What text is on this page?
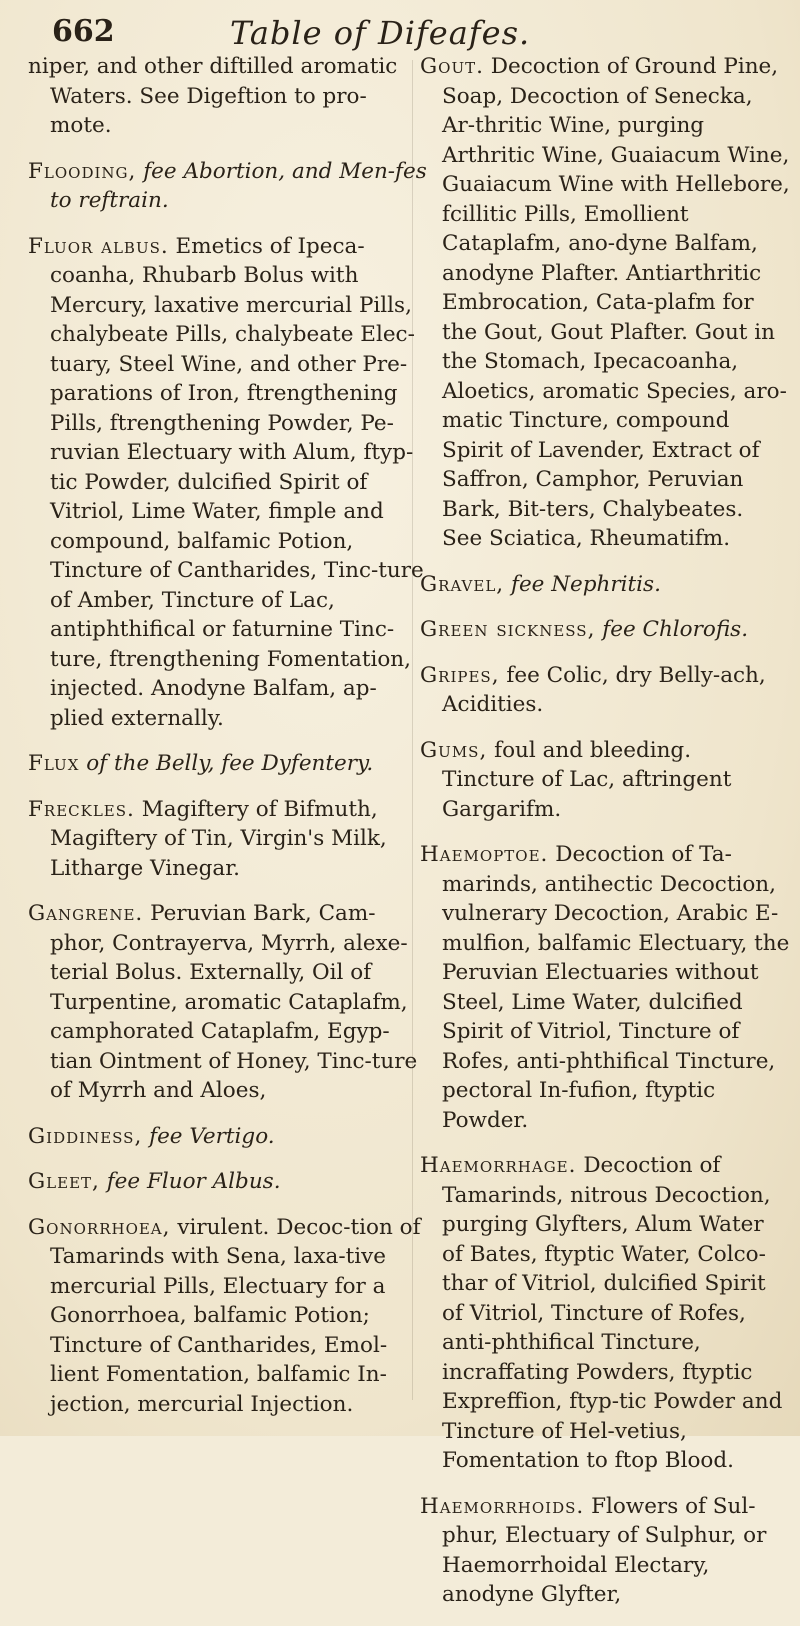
662	Table of Difeafes.

niper, and other diftilled aromatic Waters. See Digeftion to pro-mote.

Flooding, fee Abortion, and Men-fes to reftrain.

Fluor albus. Emetics of Ipeca-coanha, Rhubarb Bolus with Mercury, laxative mercurial Pills, chalybeate Pills, chalybeate Elec-tuary, Steel Wine, and other Pre-parations of Iron, ftrengthening Pills, ftrengthening Powder, Pe-ruvian Electuary with Alum, ftyp-tic Powder, dulcified Spirit of Vitriol, Lime Water, fimple and compound, balfamic Potion, Tincture of Cantharides, Tinc-ture of Amber, Tincture of Lac, antiphthifical or faturnine Tinc-ture, ftrengthening Fomentation, injected. Anodyne Balfam, ap-plied externally.

Flux of the Belly, fee Dyfentery.

Freckles. Magiftery of Bifmuth, Magiftery of Tin, Virgin's Milk, Litharge Vinegar.

Gangrene. Peruvian Bark, Cam-phor, Contrayerva, Myrrh, alexe-terial Bolus. Externally, Oil of Turpentine, aromatic Cataplafm, camphorated Cataplafm, Egyp-tian Ointment of Honey, Tinc-ture of Myrrh and Aloes,

Giddiness, fee Vertigo.

Gleet, fee Fluor Albus.

Gonorrhoea, virulent. Decoc-tion of Tamarinds with Sena, laxa-tive mercurial Pills, Electuary for a Gonorrhoea, balfamic Potion; Tincture of Cantharides, Emol-lient Fomentation, balfamic In-jection, mercurial Injection.

Gout. Decoction of Ground Pine, Soap, Decoction of Senecka, Ar-thritic Wine, purging Arthritic Wine, Guaiacum Wine, Guaiacum Wine with Hellebore, fcillitic Pills, Emollient Cataplafm, ano-dyne Balfam, anodyne Plafter. Antiarthritic Embrocation, Cata-plafm for the Gout, Gout Plafter. Gout in the Stomach, Ipecacoanha, Aloetics, aromatic Species, aro-matic Tincture, compound Spirit of Lavender, Extract of Saffron, Camphor, Peruvian Bark, Bit-ters, Chalybeates. See Sciatica, Rheumatifm.

Gravel, fee Nephritis.

Green sickness, fee Chlorofis.

Gripes, fee Colic, dry Belly-ach, Acidities.

Gums, foul and bleeding. Tincture of Lac, aftringent Gargarifm.

Haemoptoe. Decoction of Ta-marinds, antihectic Decoction, vulnerary Decoction, Arabic E-mulfion, balfamic Electuary, the Peruvian Electuaries without Steel, Lime Water, dulcified Spirit of Vitriol, Tincture of Rofes, anti-phthifical Tincture, pectoral In-fufion, ftyptic Powder.

Haemorrhage. Decoction of Tamarinds, nitrous Decoction, purging Glyfters, Alum Water of Bates, ftyptic Water, Colco-thar of Vitriol, dulcified Spirit of Vitriol, Tincture of Rofes, anti-phthifical Tincture, incraffating Powders, ftyptic Expreffion, ftyp-tic Powder and Tincture of Hel-vetius, Fomentation to ftop Blood.

Haemorrhoids. Flowers of Sul-phur, Electuary of Sulphur, or Haemorrhoidal Electary, anodyne Glyfter,
